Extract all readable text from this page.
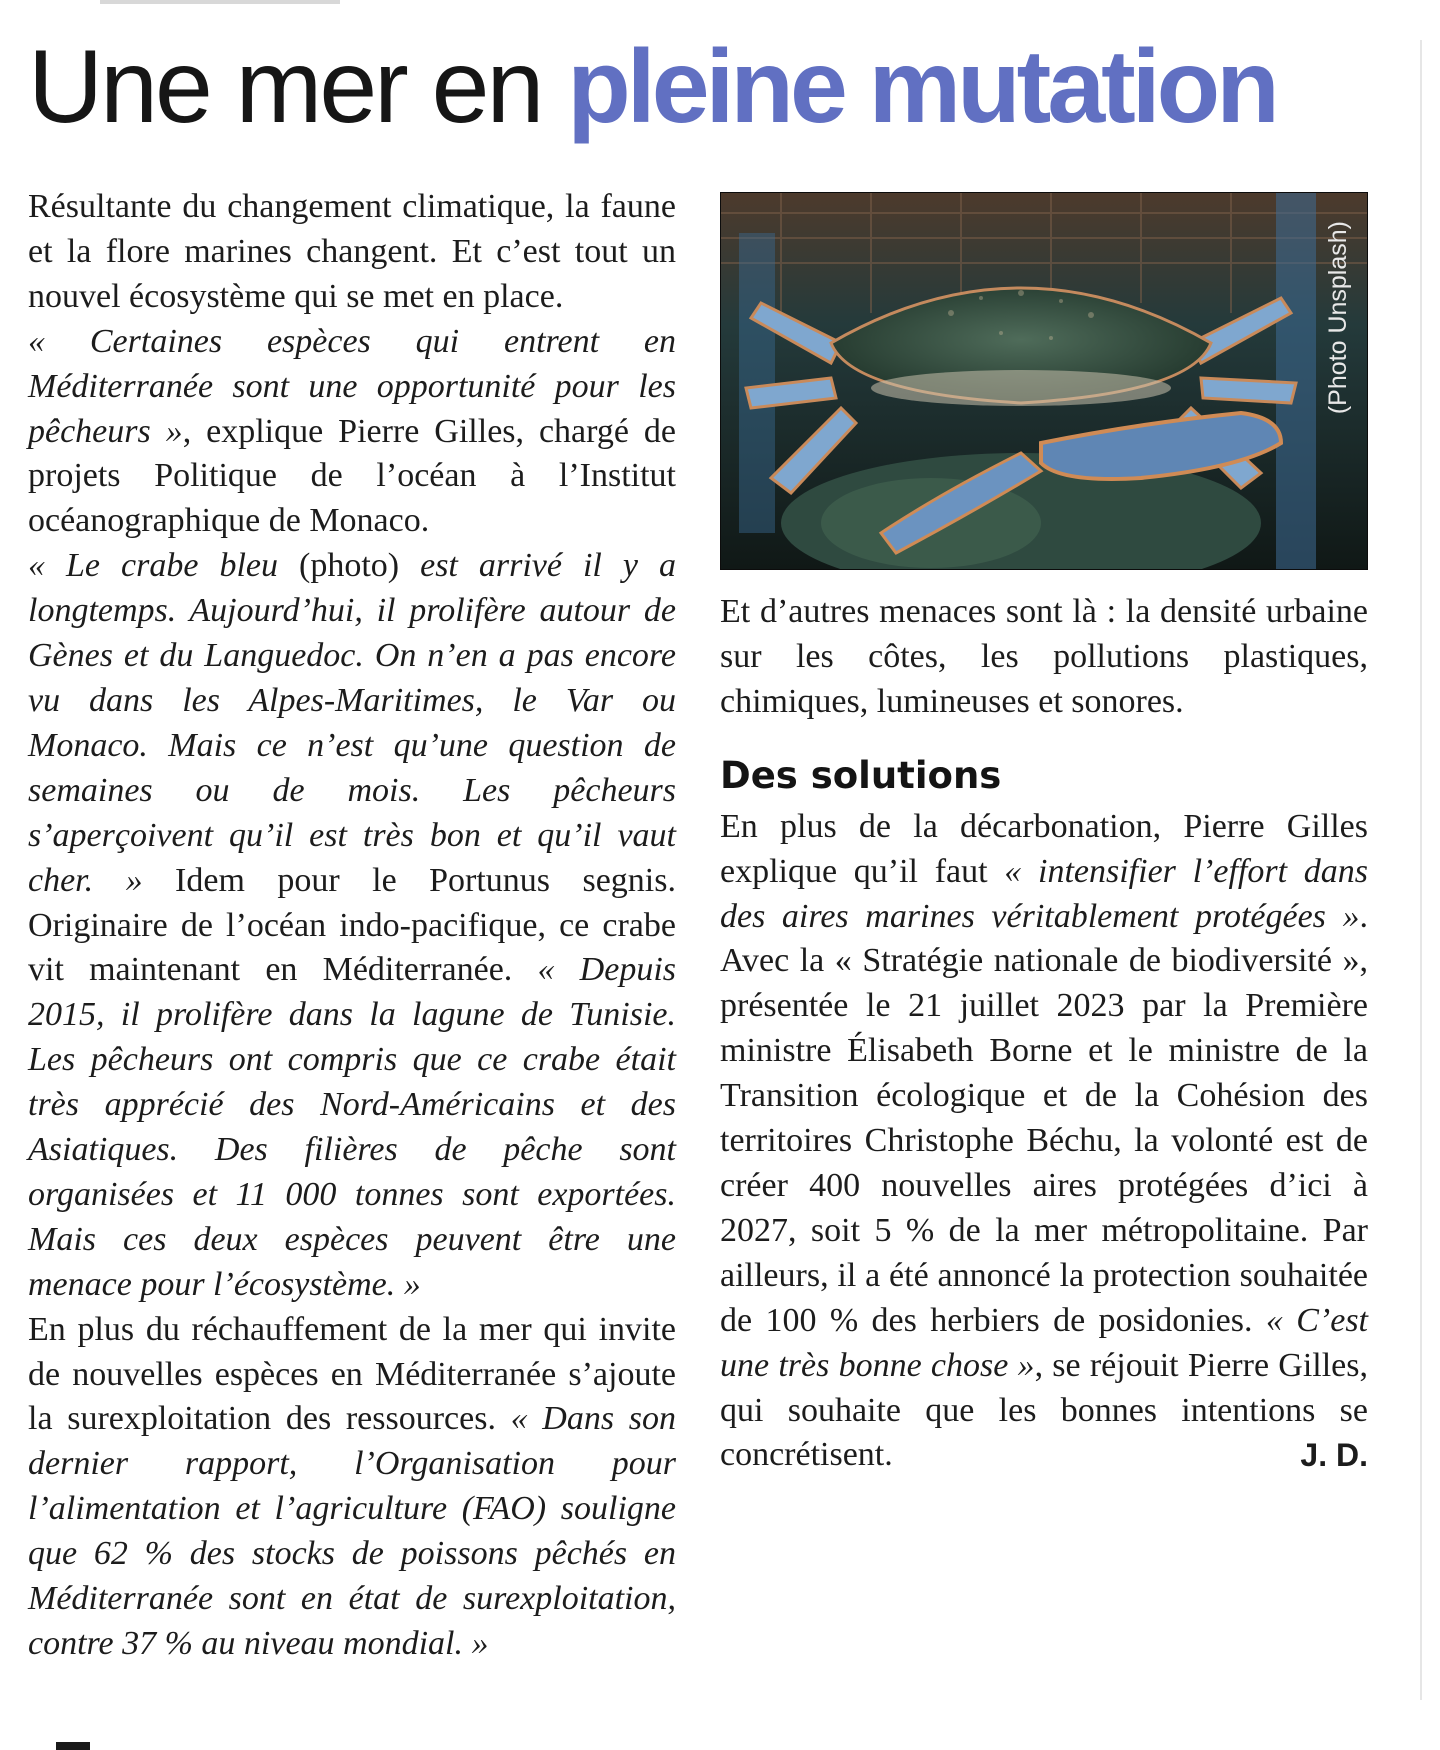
Une mer en pleine mutation

Résultante du changement climatique, la faune et la flore marines changent. Et c’est tout un nouvel écosystème qui se met en place.

« Certaines espèces qui entrent en Méditerranée sont une opportunité pour les pêcheurs », explique Pierre Gilles, chargé de projets Politique de l’océan à l’Institut océanographique de Monaco.

« Le crabe bleu (photo) est arrivé il y a longtemps. Aujourd’hui, il prolifère autour de Gènes et du Languedoc. On n’en a pas encore vu dans les Alpes-Maritimes, le Var ou Monaco. Mais ce n’est qu’une question de semaines ou de mois. Les pêcheurs s’aperçoivent qu’il est très bon et qu’il vaut cher. » Idem pour le Portunus segnis. Originaire de l’océan indo-pacifique, ce crabe vit maintenant en Méditerranée. « Depuis 2015, il prolifère dans la lagune de Tunisie. Les pêcheurs ont compris que ce crabe était très apprécié des Nord-Américains et des Asiatiques. Des filières de pêche sont organisées et 11 000 tonnes sont exportées. Mais ces deux espèces peuvent être une menace pour l’écosystème. »

En plus du réchauffement de la mer qui invite de nouvelles espèces en Méditerranée s’ajoute la surexploitation des ressources. « Dans son dernier rapport, l’Organisation pour l’alimentation et l’agriculture (FAO) souligne que 62 % des stocks de poissons pêchés en Méditerranée sont en état de surexploitation, contre 37 % au niveau mondial. »

(Photo Unsplash)

Et d’autres menaces sont là : la densité urbaine sur les côtes, les pollutions plastiques, chimiques, lumineuses et sonores.

Des solutions

En plus de la décarbonation, Pierre Gilles explique qu’il faut « intensifier l’effort dans des aires marines véritablement protégées ». Avec la « Stratégie nationale de biodiversité », présentée le 21 juillet 2023 par la Première ministre Élisabeth Borne et le ministre de la Transition écologique et de la Cohésion des territoires Christophe Béchu, la volonté est de créer 400 nouvelles aires protégées d’ici à 2027, soit 5 % de la mer métropolitaine. Par ailleurs, il a été annoncé la protection souhaitée de 100 % des herbiers de posidonies. « C’est une très bonne chose », se réjouit Pierre Gilles, qui souhaite que les bonnes intentions se concrétisent.	J. D.
